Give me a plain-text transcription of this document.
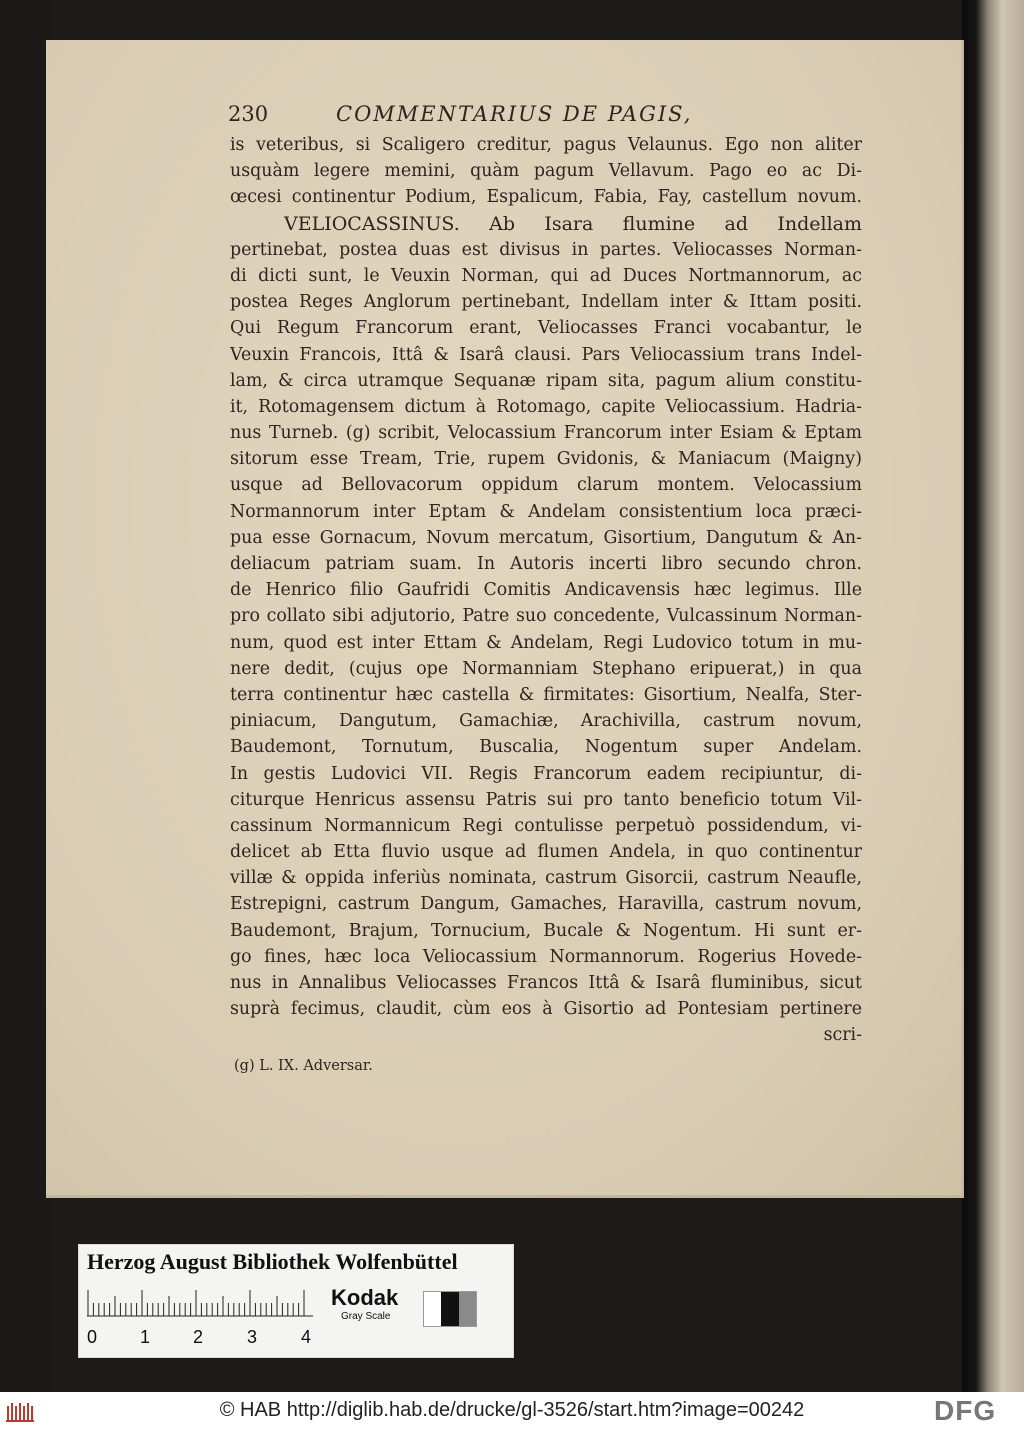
230	COMMENTARIUS DE PAGIS,
is veteribus, si Scaligero creditur, pagus Velaunus. Ego non aliter
usquàm legere memini, quàm pagum Vellavum. Pago eo ac Di-
œcesi continentur Podium, Espalicum, Fabia, Fay, castellum novum.
VELIOCASSINUS. Ab Isara flumine ad Indellam
pertinebat, postea duas est divisus in partes. Veliocasses Norman-
di dicti sunt, le Veuxin Norman, qui ad Duces Nortmannorum, ac
postea Reges Anglorum pertinebant, Indellam inter & Ittam positi.
Qui Regum Francorum erant, Veliocasses Franci vocabantur, le
Veuxin Francois, Ittâ & Isarâ clausi. Pars Veliocassium trans Indel-
lam, & circa utramque Sequanæ ripam sita, pagum alium constitu-
it, Rotomagensem dictum à Rotomago, capite Veliocassium. Hadria-
nus Turneb. (g) scribit, Velocassium Francorum inter Esiam & Eptam
sitorum esse Tream, Trie, rupem Gvidonis, & Maniacum (Maigny)
usque ad Bellovacorum oppidum clarum montem. Velocassium
Normannorum inter Eptam & Andelam consistentium loca præci-
pua esse Gornacum, Novum mercatum, Gisortium, Dangutum & An-
deliacum patriam suam. In Autoris incerti libro secundo chron.
de Henrico filio Gaufridi Comitis Andicavensis hæc legimus. Ille
pro collato sibi adjutorio, Patre suo concedente, Vulcassinum Norman-
num, quod est inter Ettam & Andelam, Regi Ludovico totum in mu-
nere dedit, (cujus ope Normanniam Stephano eripuerat,) in qua
terra continentur hæc castella & firmitates: Gisortium, Nealfa, Ster-
piniacum, Dangutum, Gamachiæ, Arachivilla, castrum novum,
Baudemont, Tornutum, Buscalia, Nogentum super Andelam.
In gestis Ludovici VII. Regis Francorum eadem recipiuntur, di-
citurque Henricus assensu Patris sui pro tanto beneficio totum Vil-
cassinum Normannicum Regi contulisse perpetuò possidendum, vi-
delicet ab Etta fluvio usque ad flumen Andela, in quo continentur
villæ & oppida inferiùs nominata, castrum Gisorcii, castrum Neaufle,
Estrepigni, castrum Dangum, Gamaches, Haravilla, castrum novum,
Baudemont, Brajum, Tornucium, Bucale & Nogentum. Hi sunt er-
go fines, hæc loca Veliocassium Normannorum. Rogerius Hovede-
nus in Annalibus Veliocasses Francos Ittâ & Isarâ fluminibus, sicut
suprà fecimus, claudit, cùm eos à Gisortio ad Pontesiam pertinere
scri-
(g) L. IX. Adversar.
Herzog August Bibliothek Wolfenbüttel
0 1 2 3 4
Kodak
Gray Scale
© HAB http://diglib.hab.de/drucke/gl-3526/start.htm?image=00242	DFG
